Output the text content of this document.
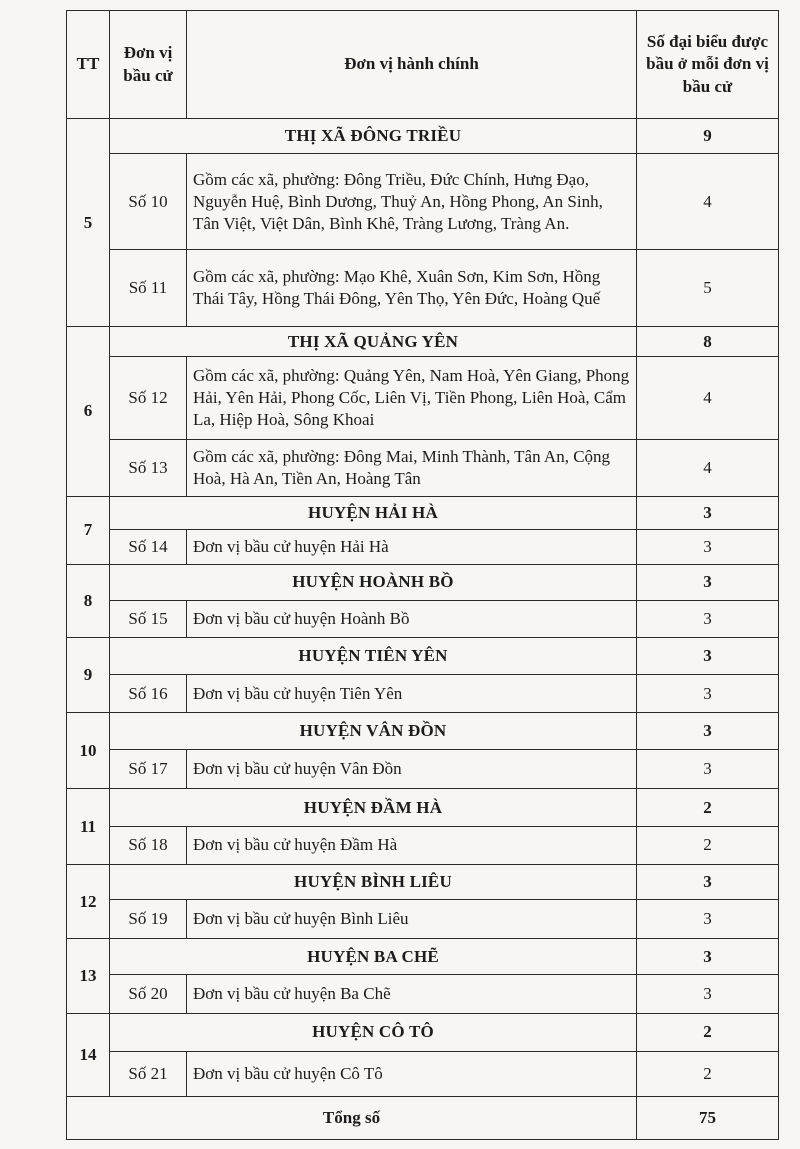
TT	Đơn vị bầu cử	Đơn vị hành chính	Số đại biểu được bầu ở mỗi đơn vị bầu cử
5	THỊ XÃ ĐÔNG TRIỀU		9
	Số 10	Gồm các xã, phường: Đông Triều, Đức Chính, Hưng Đạo, Nguyễn Huệ, Bình Dương, Thuỷ An, Hồng Phong, An Sinh, Tân Việt, Việt Dân, Bình Khê, Tràng Lương, Tràng An.	4
	Số 11	Gồm các xã, phường: Mạo Khê, Xuân Sơn, Kim Sơn, Hồng Thái Tây, Hồng Thái Đông, Yên Thọ, Yên Đức, Hoàng Quế	5
6	THỊ XÃ QUẢNG YÊN		8
	Số 12	Gồm các xã, phường: Quảng Yên, Nam Hoà, Yên Giang, Phong Hải, Yên Hải, Phong Cốc, Liên Vị, Tiền Phong, Liên Hoà, Cẩm La, Hiệp Hoà, Sông Khoai	4
	Số 13	Gồm các xã, phường: Đông Mai, Minh Thành, Tân An, Cộng Hoà, Hà An, Tiền An, Hoàng Tân	4
7	HUYỆN HẢI HÀ		3
	Số 14	Đơn vị bầu cử huyện Hải Hà	3
8	HUYỆN HOÀNH BỒ		3
	Số 15	Đơn vị bầu cử huyện Hoành Bồ	3
9	HUYỆN TIÊN YÊN		3
	Số 16	Đơn vị bầu cử huyện Tiên Yên	3
10	HUYỆN VÂN ĐỒN		3
	Số 17	Đơn vị bầu cử huyện Vân Đồn	3
11	HUYỆN ĐẦM HÀ		2
	Số 18	Đơn vị bầu cử huyện Đầm Hà	2
12	HUYỆN BÌNH LIÊU		3
	Số 19	Đơn vị bầu cử huyện Bình Liêu	3
13	HUYỆN BA CHẼ		3
	Số 20	Đơn vị bầu cử huyện Ba Chẽ	3
14	HUYỆN CÔ TÔ		2
	Số 21	Đơn vị bầu cử huyện Cô Tô	2
Tổng số			75
